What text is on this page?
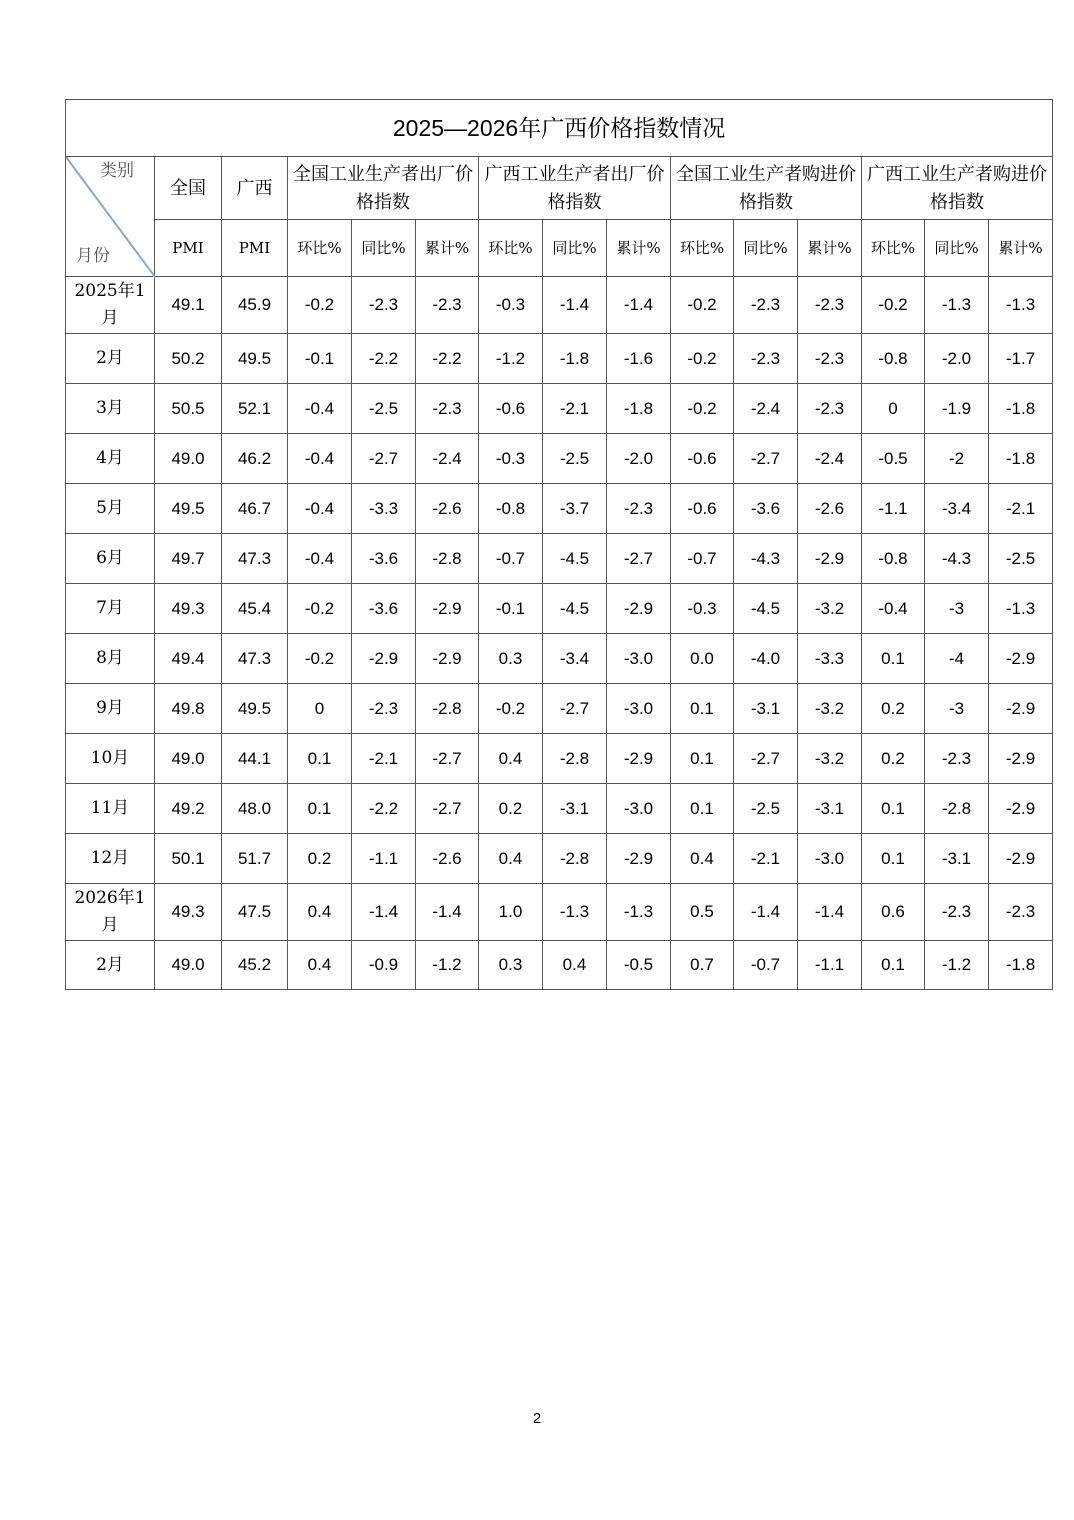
2025—2026年广西价格指数情况														

类别
月份	全国	广西	全国工业生产者出厂价格指数			广西工业生产者出厂价格指数			全国工业生产者购进价格指数			广西工业生产者购进价格指数		
	PMI	PMI	环比%	同比%	累计%	环比%	同比%	累计%	环比%	同比%	累计%	环比%	同比%	累计%
2025年1月	49.1	45.9	-0.2	-2.3	-2.3	-0.3	-1.4	-1.4	-0.2	-2.3	-2.3	-0.2	-1.3	-1.3
2月	50.2	49.5	-0.1	-2.2	-2.2	-1.2	-1.8	-1.6	-0.2	-2.3	-2.3	-0.8	-2.0	-1.7
3月	50.5	52.1	-0.4	-2.5	-2.3	-0.6	-2.1	-1.8	-0.2	-2.4	-2.3	0	-1.9	-1.8
4月	49.0	46.2	-0.4	-2.7	-2.4	-0.3	-2.5	-2.0	-0.6	-2.7	-2.4	-0.5	-2	-1.8
5月	49.5	46.7	-0.4	-3.3	-2.6	-0.8	-3.7	-2.3	-0.6	-3.6	-2.6	-1.1	-3.4	-2.1
6月	49.7	47.3	-0.4	-3.6	-2.8	-0.7	-4.5	-2.7	-0.7	-4.3	-2.9	-0.8	-4.3	-2.5
7月	49.3	45.4	-0.2	-3.6	-2.9	-0.1	-4.5	-2.9	-0.3	-4.5	-3.2	-0.4	-3	-1.3
8月	49.4	47.3	-0.2	-2.9	-2.9	0.3	-3.4	-3.0	0.0	-4.0	-3.3	0.1	-4	-2.9
9月	49.8	49.5	0	-2.3	-2.8	-0.2	-2.7	-3.0	0.1	-3.1	-3.2	0.2	-3	-2.9
10月	49.0	44.1	0.1	-2.1	-2.7	0.4	-2.8	-2.9	0.1	-2.7	-3.2	0.2	-2.3	-2.9
11月	49.2	48.0	0.1	-2.2	-2.7	0.2	-3.1	-3.0	0.1	-2.5	-3.1	0.1	-2.8	-2.9
12月	50.1	51.7	0.2	-1.1	-2.6	0.4	-2.8	-2.9	0.4	-2.1	-3.0	0.1	-3.1	-2.9
2026年1月	49.3	47.5	0.4	-1.4	-1.4	1.0	-1.3	-1.3	0.5	-1.4	-1.4	0.6	-2.3	-2.3
2月	49.0	45.2	0.4	-0.9	-1.2	0.3	0.4	-0.5	0.7	-0.7	-1.1	0.1	-1.2	-1.8
2
